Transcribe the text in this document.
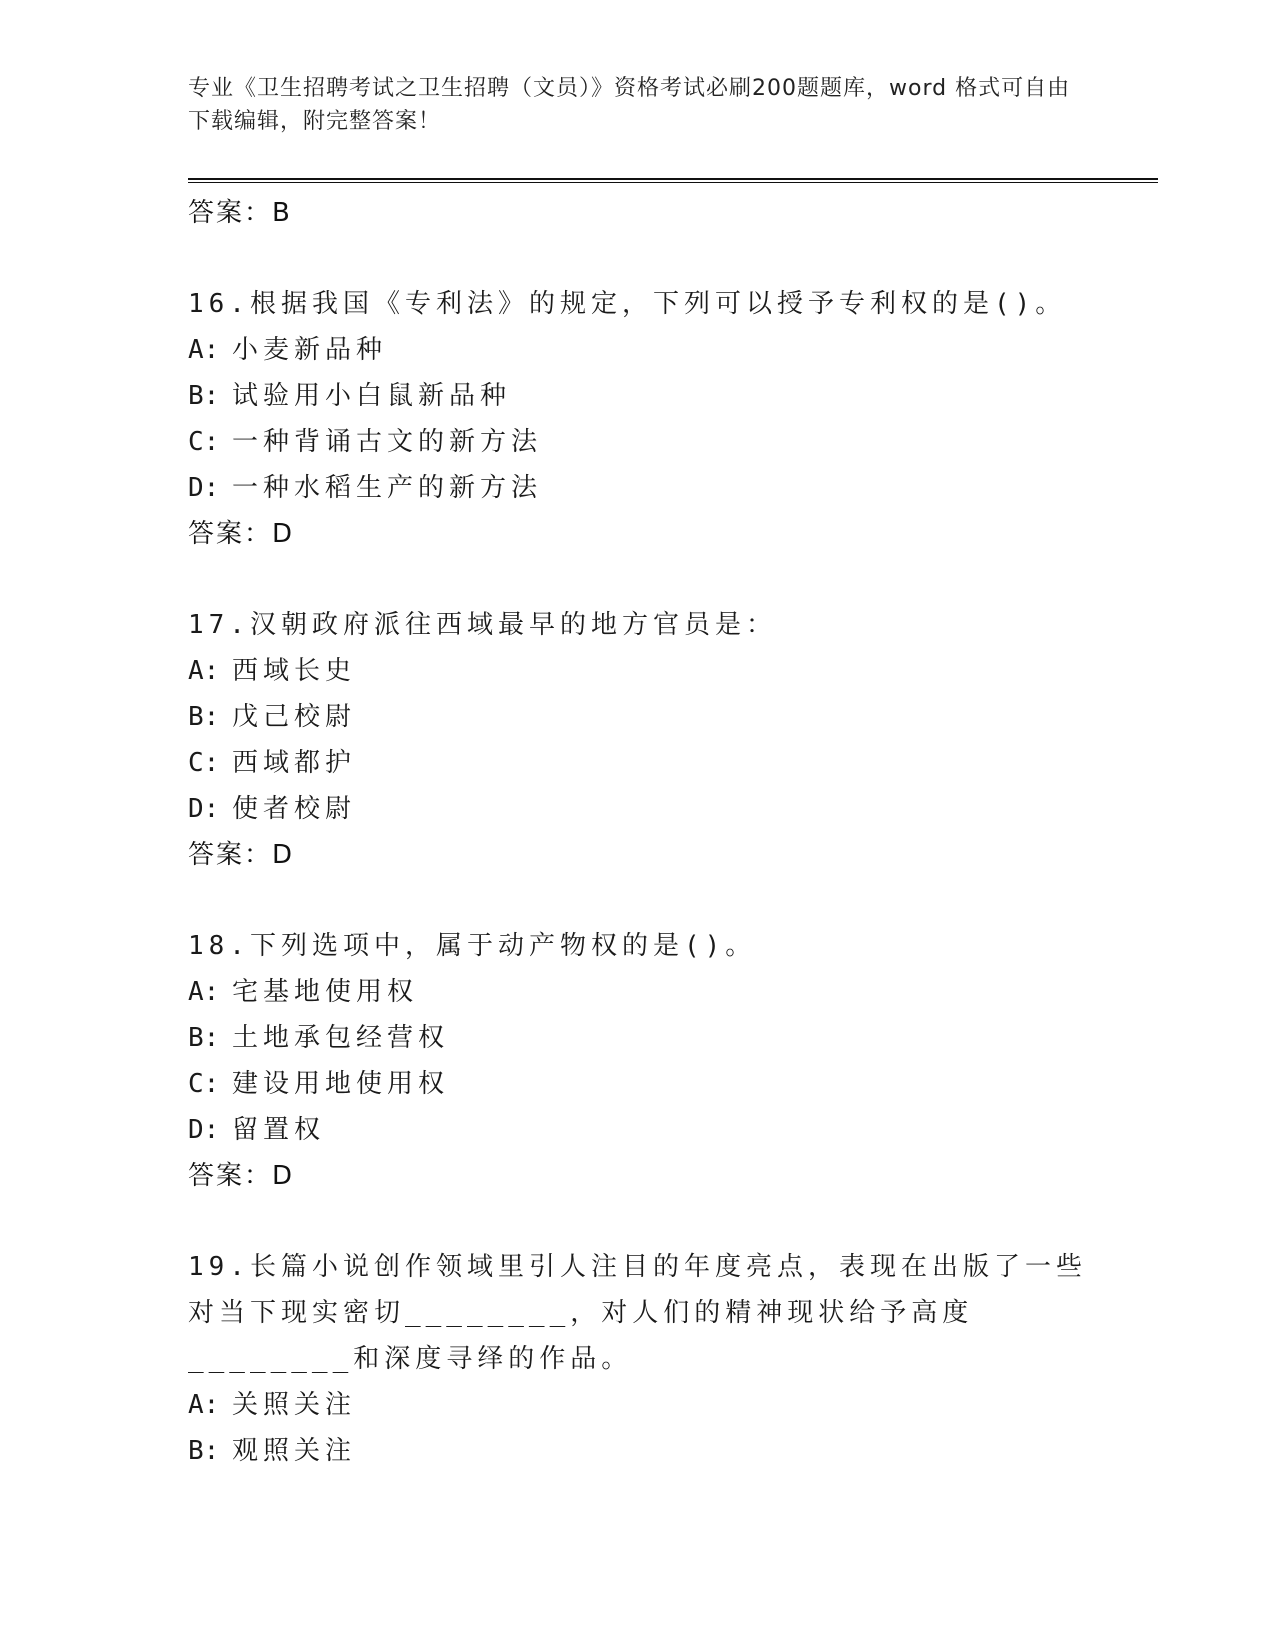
专业《卫生招聘考试之卫生招聘（文员）》资格考试必刷200题题库，word 格式可自由下载编辑，附完整答案！
答案：B
16.根据我国《专利法》的规定，下列可以授予专利权的是()。
A: 小麦新品种
B: 试验用小白鼠新品种
C: 一种背诵古文的新方法
D: 一种水稻生产的新方法
答案：D
17.汉朝政府派往西域最早的地方官员是：
A: 西域长史
B: 戊己校尉
C: 西域都护
D: 使者校尉
答案：D
18.下列选项中，属于动产物权的是()。
A: 宅基地使用权
B: 土地承包经营权
C: 建设用地使用权
D: 留置权
答案：D
19.长篇小说创作领域里引人注目的年度亮点，表现在出版了一些对当下现实密切________，对人们的精神现状给予高度________和深度寻绎的作品。
A: 关照关注
B: 观照关注
